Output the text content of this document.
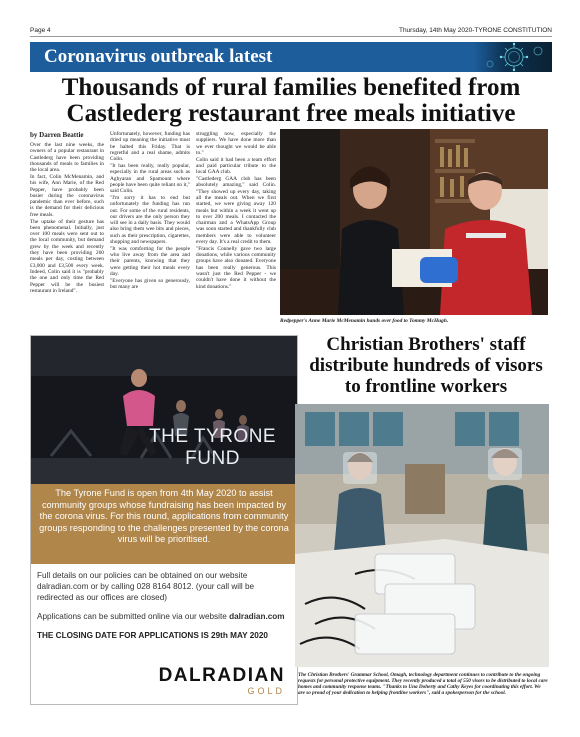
Page 4	Thursday, 14th May 2020-TYRONE CONSTITUTION
Coronavirus outbreak latest
Thousands of rural families benefited from Castlederg restaurant free meals initiative

by Darren Beattie

Over the last nine weeks, the owners of a popular restaurant in Castlederg have been providing thousands of meals to families in the local area.

In fact, Colin McMenamin, and his wife, Ann Marie, of the Red Pepper, have probably been busier during the coronavirus pandemic than ever before, such is the demand for their delicious free meals.

The uptake of their gesture has been phenomenal. Initially, just over 100 meals were sent out to the local community, but demand grew by the week and recently they have been providing 260 meals per day, costing between £3,000 and £3,500 every week. Indeed, Colin said it is "probably the one and only time the Red Pepper will be the busiest restaurant in Ireland".

Unfortunately, however, funding has dried up meaning the initiative must be halted this Friday. That is regretful and a real shame, admits Colin.

"It has been really, really popular, especially in the rural areas such as Aghyaran and Spamount where people have been quite reliant on it," said Colin.

"I'm sorry it has to end but unfortunately the funding has run out. For some of the rural residents, our drivers are the only person they will see in a daily basis. They would also bring them wee bits and pieces, such as their prescription, cigarettes, shopping and newspapers.

"It was comforting for the people who live away from the area and their parents, knowing that they were getting their hot meals every day.

"Everyone has given so generously, but many are

struggling now, especially the suppliers. We have done more than we ever thought we would be able to."

Colin said it had been a team effort and paid particular tribute to the local GAA club.

"Castlederg GAA club has been absolutely amazing," said Colin. "They showed up every day, taking all the meals out. When we first started, we were giving away 120 meals but within a week it went up to over 200 meals. I contacted the chairman and a WhatsApp Group was soon started and thankfully club members were able to volunteer every day. It's a real credit to them.

"Francis Connelly gave two large donations, while various community groups have also donated. Everyone has been really generous. This wasn't just the Red Pepper - we couldn't have done it without the kind donations."

Redpepper's Anne Marie McMenamin hands over food to Tommy McHugh.
THE TYRONE
FUND
The Tyrone Fund is open from 4th May 2020 to assist community groups whose fundraising has been impacted by the corona virus. For this round, applications from community groups responding to the challenges presented by the corona virus will be prioritised.

Full details on our policies can be obtained on our website dalradian.com or by calling 028 8164 8012. (your call will be redirected as our offices are closed)

Applications can be submitted online via our website dalradian.com

THE CLOSING DATE FOR APPLICATIONS IS 29th MAY 2020

DALRADIAN
GOLD
Christian Brothers' staff distribute hundreds of visors to frontline workers
The Christian Brothers' Grammar School, Omagh, technology department continues to contribute to the ongoing requests for personal protective equipment. They recently produced a total of 550 visors to be distributed to local care homes and community response teams. "Thanks to Una Doherty and Cathy Keyes for coordinating this effort. We are so proud of your dedication to helping frontline workers", said a spokesperson for the school.
